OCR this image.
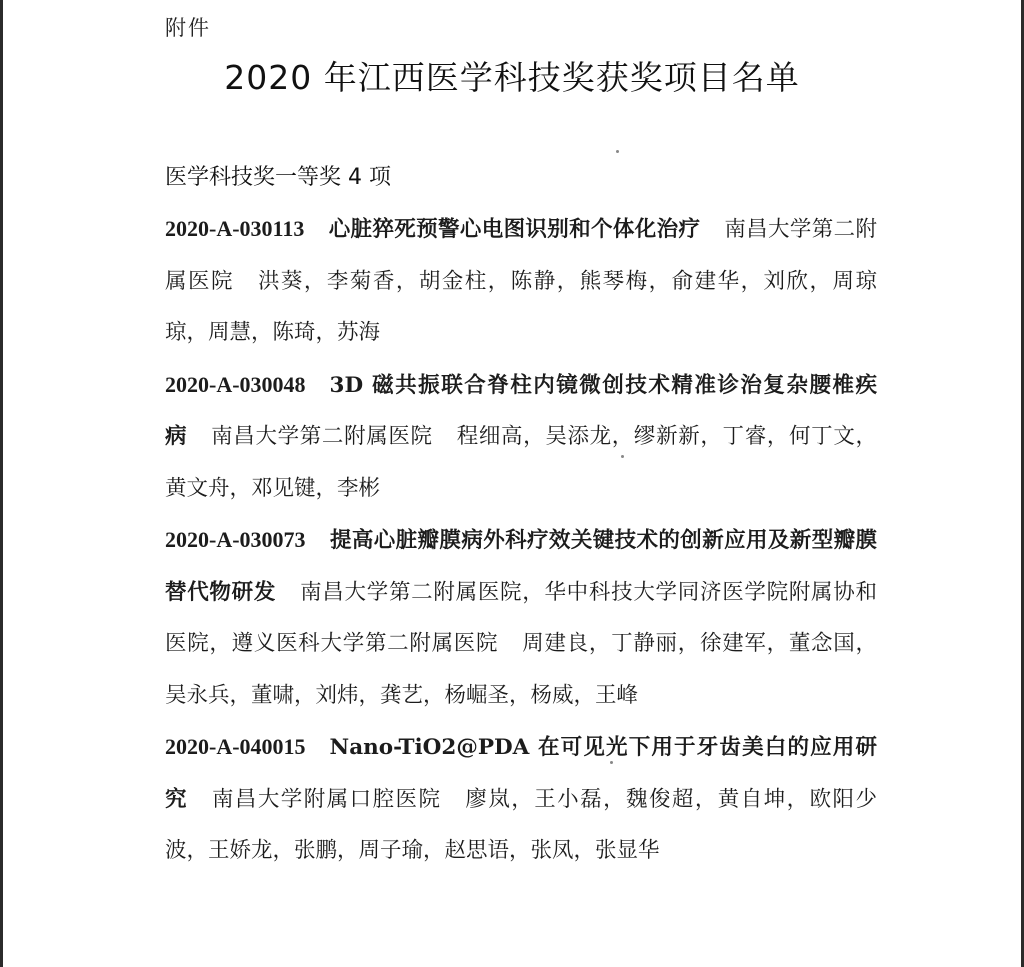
附件
2020 年江西医学科技奖获奖项目名单
医学科技奖一等奖 4 项

2020-A-030113 心脏猝死预警心电图识别和个体化治疗 南昌大学第二附属医院 洪葵，李菊香，胡金柱，陈静，熊琴梅，俞建华，刘欣，周琼琼，周慧，陈琦，苏海

2020-A-030048 3D 磁共振联合脊柱内镜微创技术精准诊治复杂腰椎疾病 南昌大学第二附属医院 程细高，吴添龙，缪新新，丁睿，何丁文，黄文舟，邓见键，李彬

2020-A-030073 提高心脏瓣膜病外科疗效关键技术的创新应用及新型瓣膜替代物研发 南昌大学第二附属医院，华中科技大学同济医学院附属协和医院，遵义医科大学第二附属医院 周建良，丁静丽，徐建军，董念国，吴永兵，董啸，刘炜，龚艺，杨崛圣，杨威，王峰

2020-A-040015 Nano-TiO2@PDA 在可见光下用于牙齿美白的应用研究 南昌大学附属口腔医院 廖岚，王小磊，魏俊超，黄自坤，欧阳少波，王娇龙，张鹏，周子瑜，赵思语，张凤，张显华
